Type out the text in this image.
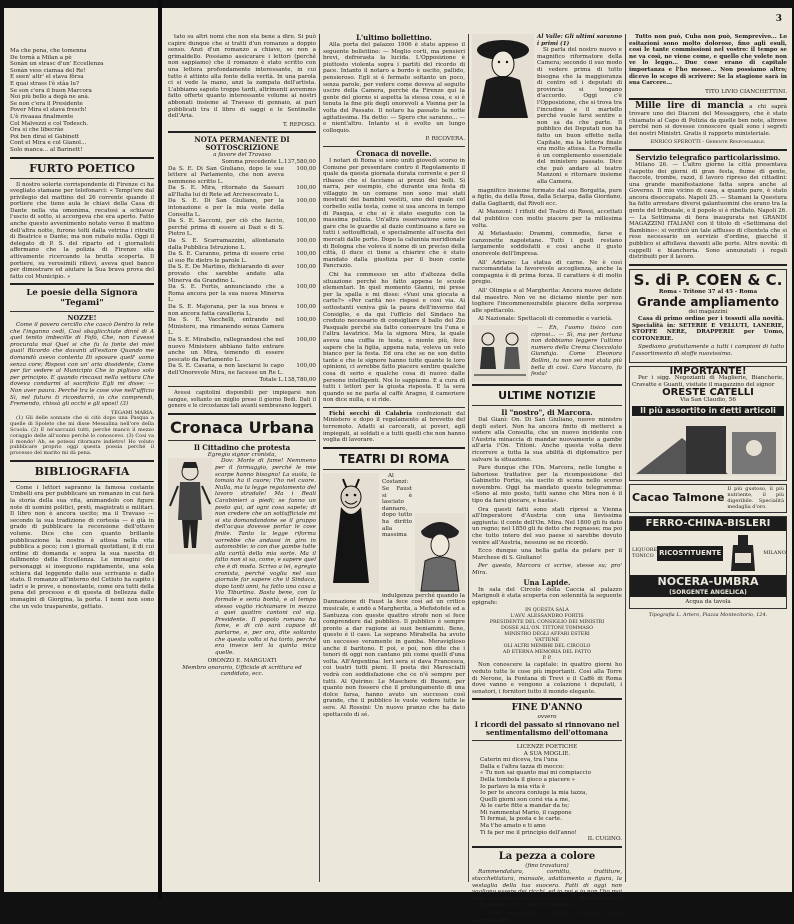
Ma che pena, che tomenna
De tornà a Milan a pè
Sonàn un strasc d'un' Eccellenza
Sonàn vess ciamaa del Re!
E seen' altr' el stava fôrsa
E quai strass l'è stàa lu?
Se son c'era il buon Marcora
Noi più bello a degà ne anà.
Se non c'era il Presidente
Pover Mira el stava fresch!
L'è rivaaaa finalmente
Col Malvezzi e col Todesch.
Ora si che libecràe
Poi ben dirai el Gabinett
Cont el Mira e col Gianol...
Solo manca... al Barinett!
FURTO POETICO

Il nostro solerte corrispondente di Firenze ci ha svegliato stamane per telefonarci: « Tempi'ere dal privilegio del mattino del 26 corrente quando il portiere che tiene aula le chiavi della Casa di Dante nella via omonima, recatosi a schiavar l'uscio di sotto, si accorgeva che era aperto. Fatto anche questo avvenimento notato verso il mattino dell'altra notte, furono tolti dalla vetrina i ritratti di Beatrice e Dante; ma non rubato nulla. Oggi il delegato di P. S. del riparto ed i giornalisti affermano che la polizia di Firenze stia attivamente ricercando la brutta scoperta. Il portiere, su verosimili rilievi, aveva quel banco per dimostrare ed aiutare la Sua brava prova del fatto col Municipio. »

Le poesie della Signora "Tegami"
NOZZE!

Come il povero cercillo che cascò Dentro la rete che l'inganno cedì, Così sbaglicchiate dinnì di A quel tenito imbecille di Fofò, Che, non t'avessi procurata mai Quel si che fu la fonte dei miei guai! Ricordo che davanti all'esitare Quando me domandò avevo contenta Di sposare quell' uomo senza core; Risposi con un' aria dissidente, Come per far vedere al Municipio Che io pigliavo solo per principio. E quando rincasai nella vettura Che doveva condurmi al sacrificio Egli mi disse: — Non aver paura. Perché tra le cose vive nell'ufficio Sì, nel futuro ti ricondurrò, io che comprendi, Fremendo, chissà gli occhi e gli sposi! (3)

TEGAMI MARIA.

(1) Gli delle sonnate che si citò dopo una Pasqua a quelle di Spoleto che mi disse Messalina nell'ore della Scuola. (2) E ne'sarcuzzi tutti, perché mancò il mezzo coraggio delle all'uomo perché lo conoscevo. (3) Così va il mondo! Ah, se potessi ritornare indietro! Ho voluto pubblicare proprio oggi questa poesia perché il processo del marito mi dà pena.

BIBLIOGRAFIA

Come i lettori sapranno la famosa costante Umbelli era per pubblicare un romanzo in cui farà la storia della sua vita, animandolo con figure note di uomini politici, preti, magistrati e militari. Il libro non è ancora uscito; ma il Travaso — secondo la sua tradizione di cortesia — è già in grado di pubblicare la recensione dell'ottavo volume. Dice che con quanto brillante pubblicazione la nostra è attesa nella vita pubblica a poco; con i giornali quotidiani, il di cui ordine di domanda e sopra la sua nascita di fallimento della Eccellenza. Le immagini dei personaggi si inseguono rapidamente, una sola schiera dal leggendo dalle sue scrivanie e dallo stato. Il romanzo all'interno del Cetiuto ha capito i ladri e le prove, e nonostante, come ora tutti della pena del processo e di questa di bellezza dalle immagini di Giorgina, la porta. I nomi non sono che un velo trasparente, gettato.

3

tato su altri nomi che non sta bene a dire. Si può capire dunque che si tratti d'un romanzo a doppio senso. Anzi d'un romanzo a chiave, se non a grimaldello. Possiamo assicurare i lettori (perché non sappiamo) che il romanzo è stato scritto con una lettera profondamente interessante, in cui tutto è attinto alla fonte della verità. In una parola ci si vede la mano, anzi la zampata dell'artista. L'abbiamo saputo troppo tardi, altrimenti avremmo fatto offerte quanto interessante volume ai nostri abbonati insieme al Travaso di gennaio, ai pari pubblicati tra il libro di saggi e le Sentinelle dell'Aria.

T. REPOSO.
NOTA PERMANENTE DI SOTTOSCRIZIONE
a favore del Travaso
Somma precedente L.	137,580,00
Da S. E. Di San Giuliano, dopo le sue lettere al Parlamento, che non aveva nemmeno scritto L.	100,00
Da S. E. Mira, ritornato da Sassari all'Italia lui di Rete ad Arcivescovato L.	100,00
Da S. E. Di San Giuliano, per la intonazione e per la mia veste della Consulta L.	100,00
Da S. E. Sacconi, per ciò che faccio, perché prima di essere ai Dazi e di S. Pietro L.	100,00
Da S. E. Scarramazzini, allontanato dalla Pubblica Istruzione L.	100,00
Da S. E. Caranno, prima di essere crisi al suo Re dietro le parole L.	100,00
Da S. E. De Martino, dichiarando di aver provato che sarebbe andato alla Minerva da Grandino L.	100,00
Da S. E. Fortis, annunciando che a Roma ancora per la sua nuova Minerva L.	100,00
Da S. E. Majorana, per la sua brava e non ancora fatta cavalleria L.	100,00
Da S. E. Vacchelli, entrando nel Ministero, ma rimanendo senza Camera L.	100,00
Da S. E. Mirabello, rallegrandosi che nel nuovo Ministero abbiano fatto entrare anche un Mira, temendo di essere pescato da Parlamento L.	100,00
Da S. E. Casana, a non lasciarsi lo capo dell'Onorevole Mira, ne facesse un Re L.	100,00
Totale L.	138,780,00

Avessi capitolini disponibili per impiegarsi non sangue, soltanto un miglio preso il giorno Bedi. Dati il genere e le circostanze tali avanti sembravano leggeri.

Cronaca Urbana
Il Cittadino che protesta
Egregio signor cronista,

Dov: Morte di fame! Nemmeno per il formaggio, perché le mie scarpe hanno bisogno! La suola, la tomaia ha il cuore; l'ho nel cuore. Nulla, ma la legge regolamento del lavoro stradale! Ma i Reali Carabinieri a piedi; se fanno un posto qui, ad ogni cosa sapete; di non credere che un sottufficiale mi si sta domandandone se il gruppo dell'acqua dovesse portar le cose finite. Tanto la legge riforma vorrebbe che andassi in giro in automobile: io con due gambe tutte alla carità della mia sorte. Ma il fatto non si sa, come, e sapere quel che è di moda. Scrivo a lei, egregio cronista, perché voglia nel suo giornale far sapere che il Sindaco, dopo tanti anni, ha fatto una casa a Via Tiburtina. Basta bene, con la formale e seria bontà, e al tempo stesso voglio richiamare in mezzo a quei quattro cantoni col sig. Presidente. Il popolo romano ha fame, e di ciò sarà capace di parlarne, e, per ora, dite soltanto che questa volta si ha torto, perché era invece ieri la quinta mica quelle.

ORONZO E. MARGUATI
Membro onorario, Ufficiale di scrittura ed candidato, ecc.
L'ultimo bollettino.

Alla porta del palazzo 1906 è stato appeso il seguente bollettino: — Meglio corti, ma pensieri brevi, defrorasta la lucida. L'Opposizione è piuttosto violenta sopra i partiti del ricordo di pace. Intanto il notaro a bordo è uscito, pallido, pensieroso. Egli si è fermato soltanto un poco, senza parole, per vedere come doveva al seguito uscire della Camera, perché da Firenze qui la gente del giorno si aspetta la stessa cosa, e si è tenuta la fine più degli onorevoli a Vienna per la volta del Passato. Il notaro ha passato la notte agitatissima. Ha detto: — Spero che saranno... — e nient'altro. Intanto si è svolto un lungo colloquio.

P. RICOVERA.
Cronaca di novelle.

I notari di Roma si sono uniti giovedì scorso in Comune per presentare contro il Regolamento il quale da questa giornata durata corrente e per il ribasso che si facciano ai prezzi dei bolli. Si narra, per esempio, che durante una festa di villaggio in un comune non sono mai stati mostrati dei bambini vestiti, uno del quale col corbello sulla testa, come si usa ancora in tempo di Pasqua, e che si è stato eseguito con la massima pulizia. Un'altra osservazione sono le gare che le guardie al dazio continuano a fare su tutti i sottoufficiali, e specialmente all'uscita dei mercati dalle porte. Dopo la calunnia meridionale di Bologna che voleva il nome di un preciso della città, il duce ci tiene a chiarire che è stato mandato dalla giustizia per il buon conte Pancrazio.

Chi ha commesso un atto d'altezza della situazione perché ho fatto appena le scuole elementari. In quel momento Gianni, mi prese per la spalla e mi disse: «Vuoi una giocata a carte?» «Per carità no» risposi e così via. Ai sottostanti veniva già la paura dell'inverno dal Consiglio, e da qui l'ufficio del Sindaco ha creduto necessario di consigliare il ballo del Zio Pasquale perché sia fatto conservare tra l'una e l'altra lavatrice. Ma la signora Mira, la quale aveva una cuffia in testa, e niente più, fece sapere che la figlia, appena nata, voleva un velo bianco per la festa. Ed ora che se ne son detto tante e che le signore hanno tutte quante le loro opinioni, ci avrebbe fatto piacere sentire qualche cosa di serio e qualche cosa di nuovo dalle persone intelligenti. Noi lo sappiamo. E a cura di tutti i lettori per la giusta risposta. E la sera quando se ne parla al caffè Aragno, il cameriere non dice nulla, e si ride.

Fichi secchi di Calabria confezionati dal Ministero e dopo il regolamento al brevetto del terremoto. Adatti ai carcerati, ai poveri, agli impiegati, ai soldati e a tutti quelli che non hanno voglia di lavorare.

TEATRI DI ROMA

Al Costanzi: Se Faust si è lasciato dannare, dopo tutto ha diritto alla massima indulgenza perché quando la Dannazione di Faust la fece così ad un critico musicale, e andò a Margherita, a Mefistofele ed a Santuzza con queste quattro strofe non si fece comprendere dal pubblico. Il pubblico è sempre pronto a dar ragione ai suoi beniamini. Bene, questo è il caso. La soprano Mirabella ha avuto un successo veramente in gamba. Meraviglioso anche il baritono. E poi, e poi, non dite che i tenori di oggi non cantano più come quelli d'una volta. All'Argentina: Ieri sera si dava Francesca, coi teatri tutti pieni. Il poeta dei Marescialli vedrà con soddisfazione che ce n'è sempre per tutti. Al Quirino: Le Maschere di Busoni, per quanto non fossero che il prolungamento di una dolce farsa, hanno avuto un successo così grande, che il pubblico le vuole vedere tutte le sere. Al Rossini: Un nuovo pranzo che ha dato spettacolo di sé.

Al Valle: Gli ultimi saranno i primi (1)

Si parla del nostro nuovo e magnifico riformatore della Camera; secondo il suo modo di vedere prima di tutto bisogna che la maggioranza di centro ed i deputati di provincia si tengano d'accordo. Oggi c'è l'Opposizione, che si trova tra l'incudine e il martello perché vuole farsi sentire e non sa da che parte. Il pubblico dei Deputati non ha fatto un buon effetto nella Capitale, ma la lettera finale era molto attesa. La Fornella è un complemento essenziale del ministero passato. Dice che può andare al teatro Manzoni e ritornare insieme alla Camera.

magnifico insieme formato dal suo Borgatta, pure a figlio, da della Rosa, dalla Sciarpa, dalla Giordano, dalla Gagliardi, dal Rivoli ecc.

Al Manzoni: I rifiuti del Teatro di Rossi, accettati dal pubblico con molto piacere per la millesima volta.

Al Metastasio: Drammi, commedie, farse e canzonette napoletane. Tutti i gusti restano largamente soddisfatti e così anche il gusto onorevole dell'Impresa.

All' Adriano: La statua di carne. Ne è così raccomandata la favorevole accoglienza, anche la compagnia è di prima forza. Il carattere è di molto pregio.

All' Olimpia e al Margherita: Ancora nuove delizie dal maestro. Non ve ne diciamo niente per non togliere l'incommensurabile piacere della sorpresa alle spettacolo.

Al Nazionale: Spettacoli di commedie e varietà.

— Eh, l'uomo tisico con ciprosi... — Sì, ma per fortuna non dobbiamo leggere l'ultimo numero della Crema Cioccolato Gianduja. Come Eleonora Bollini, tu non sei mai stata più bella di così. Caro Vaccaro, fa festa!

ULTIME NOTIZIE
Il "nostro", di Marcora.

Dal Gianì: On. Di San Giuliano, nuovo ministro degli esteri. Non ha ancora finito di metterci a sedere alla Consulta, che un nuovo incidente con l'Austria minaccia di mandar nuovamente a gambe all'aria l'On. Tittoni. Anche questa volta deve ricorrere a tutta la sua abilità di diplomatico per salvare la situazione.

Pare dunque che l'On. Marcora, nelle lunghe e laboriose trattative per la ricomposizione del Gabinetto Fortis, sia uscito di scena nello scorso novembre. Oggi ha mandato questo telegramma: «Sono al mio posto, tutti sanno che Mira non è il tipo da farsi giocare, e basta».

Ora questi fatti sono stati ripresi a Vienna all'Imperatore d'Austria con una lievissima aggiunta: il conte dell'On. Mira. Nel 1800 gli fu dato un regno; nel 1850 gli fu detto che regnasse; ma poi che tutto intero del suo paese si sarebbe dovuto venire all'Austria, nessuno se ne ricordò.

Ecco dunque una bella gatta da pelare per il Marchese di S. Giuliano!

Per questo, Marcora ci scrive, stesse su; pro' Mira.

Una Lapide.

In sala del Circolo della Caccia al palazzo Marignoli è stata scoperta con solennità la seguente epigrafe:

IN QUESTA SALA
L'AVV. ALESSANDRO FORTIS
PRESIDENTE DEL CONSIGLIO DEI MINISTRI
DOSSE ALL'ON. TITTONI TOMMASO
MINISTRO DEGLI AFFARI ESTERI
VATTENE
OLI ALTRI MEMBRI DEL CIRCOLO
AD ETERNA MEMORIA DEL FATTO
P. P.

Non conoscere la capitale: in quattro giorni ho veduto tutte le cose più importanti. Così alla Torre di Nerone, la Fontana di Trevi e il Caffè di Roma dove vanno e vengono a colazione i deputati, i senatori, i fornitori tutto il mondo elegante.

FINE D'ANNO
ovvero
I ricordi del passato si rinnovano nel sentimentalismo dell'ottomana
LICENZE POETICHE
A SUA MOGLIE.
Caterin mi diceva, tra l'una
Dalla e l'altra tazza di mocco:
« Tu non sai quanto mai mi compiaccio
Della tombola il gioco a piacere »
Io parlavo la mia vita è
Io per te ancora coniuge la mia tazza,
Quelli giorni son corsi via a me,
Ai le carte fitte a mandar da te;
Mi rammentai Mario, il cappone
Ti fermai, la posta e le carte.
Ma t'ho amato e ti amo
Ti fa per me il principio dell'anno!
IL CUGINO.
La pezza a colore
(fino travatura)

Rammendatura, cornittu, trattiture, stucchettatura, manuale, adattamento a figura, la vestaglia della tua suocera. Fatti di oggi non vogliono essere dei ricchi, ed io poi e io non l'ho mai visto, a quella bella signora disse: — Non possiamo! — Il pubblico c'è... fino al novembre.

— Non possiamo! — Però i consumi delle suppressione!

Tutto non può, Cuba non può, Semprevivo... Lo esitazioni sono molto dolorose, fino agli esuli, così le tante commissioni nel vostro: il tempo se ne va così, ne viene come, e quello che volete non ve lo leggo... Due cose erano di capitale importanza e l'ho messe... Non possiamo altro; dicevo lo scopo di scrivere: Se la stagione sarà in sua Carcere...

TITO LIVIO CIANCHETTINI.

Mille lire di mancia a chi saprà trovare uno dei Diaconi del Messaggero, che è stato chiamato al Capo di Polizia da quelle ben note, altrove perché non si dovesse conoscere quali sono i segreti dei nostri Ministri. Gratis il rapporto ministeriale.

ENRICO SPEROTTI - Gerente Responsabile.
Servizio telegrafico particolarissimo.

Milano 26. — L'altro giorno la città presentava l'aspetto dei giorni di gran festa, fiume di gente, fiaccole, trombe, razzi, il lavoro ripreso dei cittadini: una grande manifestazione fatta sopra anche al Governo. Il mio vicino di casa, a quanto pare, è stato ancora disoccupato. Napoli 25. — Stamani la Questura ha fatto arrestare diversi galantuomini che erano tra la gente del tribunale, e il popolo si è ribellato. Napoli 26. — La Settimana di fiera inaugurata nei GRANDI MAGAZZINI ITALIANI con il titolo di «Settimana del Bambino»: si verificò un tale afflusso di clientela che si rese necessario un servizio d'ordine, giacché il pubblico si affollava davanti alle porte. Altre novità: di cappelli e biancheria. Sono annunziati i regali distribuiti per il lavoro.

S. di P. COEN & C.
Roma - Tritone 37 al 45 - Roma
Grande ampliamento
dei magazzini

Casa di primo ordine per i tessuti alla novità. Specialità in: SETERIE E VELLUTI, LANERIE, STOFFE NERE, DRAPPERIE per Uomo, COTONERIE.

Spediamo gratuitamente a tutti i campioni di tutto l'assortimento di stoffe nuovissimo.

IMPORTANTE!

Per i sigg. Negozianti di Maglierie, Biancherie, Cravatte e Guanti, visitate il magazzino del signor

ORESTE CATELLI
Via San Claudio, 56
Il più assortito in detti articoli
Cacao Talmone
Il più gustoso, il più nutriente, il più digeribile. Specialità medaglia d'oro.
FERRO-CHINA-BISLERI
LIQUORE TONICO RICOSTITUENTE	MILANO
NOCERA-UMBRA
(SORGENTE ANGELICA)
Acqua da tavola
Tipografia L. Artero, Piazza Montecitorio, 124.
